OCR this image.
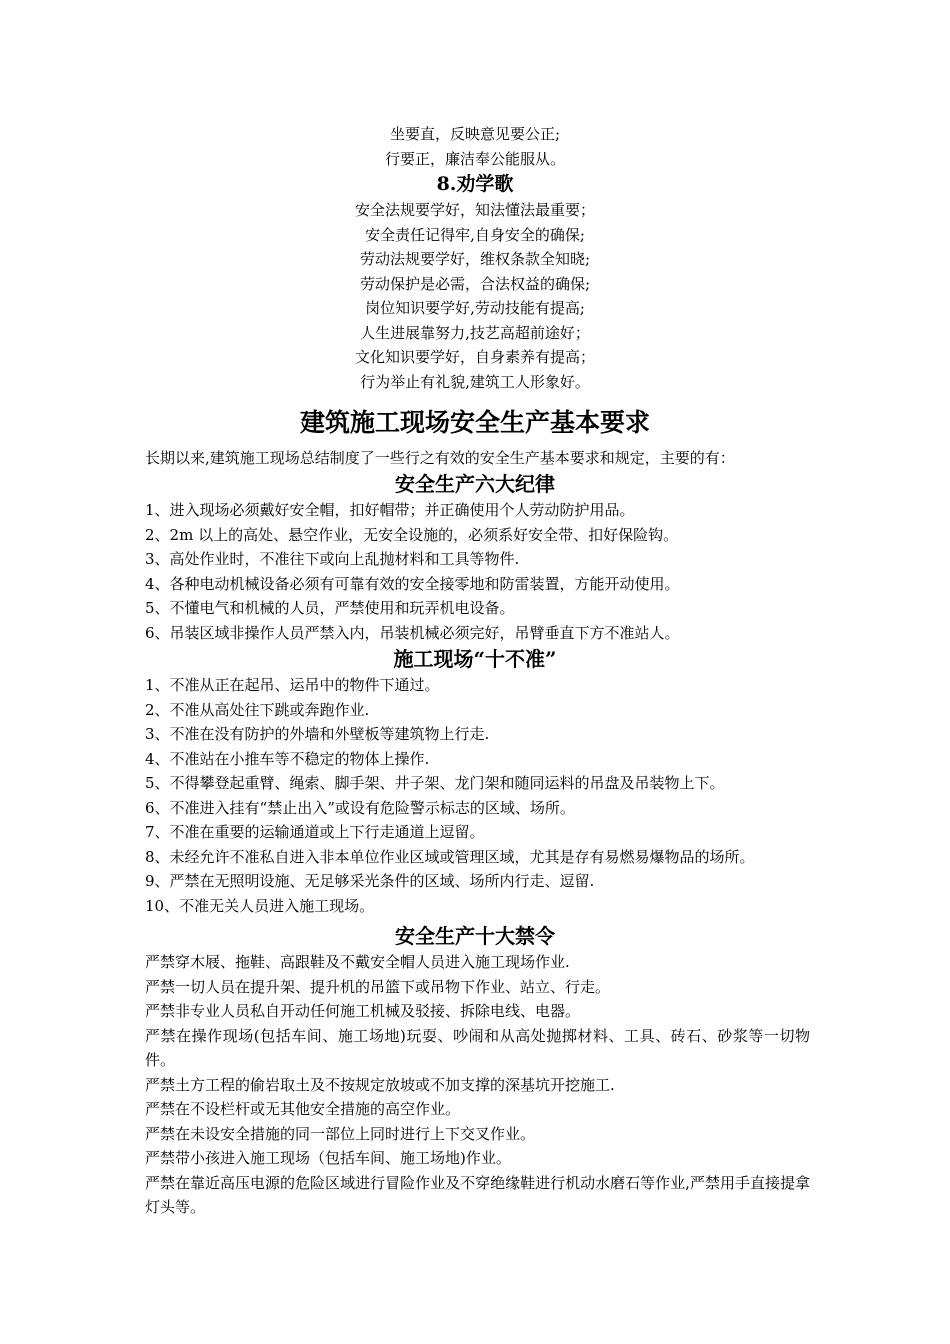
坐要直，反映意见要公正;
行要正，廉洁奉公能服从。
8.劝学歌
安全法规要学好，知法懂法最重要；
安全责任记得牢,自身安全的确保;
劳动法规要学好，维权条款全知晓;
劳动保护是必需，合法权益的确保;
岗位知识要学好,劳动技能有提高;
人生进展靠努力,技艺高超前途好；
文化知识要学好，自身素养有提高；
行为举止有礼貌,建筑工人形象好。
建筑施工现场安全生产基本要求
长期以来,建筑施工现场总结制度了一些行之有效的安全生产基本要求和规定，主要的有：
安全生产六大纪律
1、进入现场必须戴好安全帽，扣好帽带；并正确使用个人劳动防护用品。
2、2m 以上的高处、悬空作业，无安全设施的，必须系好安全带、扣好保险钩。
3、高处作业时，不准往下或向上乱抛材料和工具等物件.
4、各种电动机械设备必须有可靠有效的安全接零地和防雷装置，方能开动使用。
5、不懂电气和机械的人员，严禁使用和玩弄机电设备。
6、吊装区域非操作人员严禁入内，吊装机械必须完好，吊臂垂直下方不准站人。
施工现场“十不准”
1、不准从正在起吊、运吊中的物件下通过。
2、不准从高处往下跳或奔跑作业.
3、不准在没有防护的外墙和外壁板等建筑物上行走.
4、不准站在小推车等不稳定的物体上操作.
5、不得攀登起重臂、绳索、脚手架、井子架、龙门架和随同运料的吊盘及吊装物上下。
6、不准进入挂有“禁止出入”或设有危险警示标志的区域、场所。
7、不准在重要的运输通道或上下行走通道上逗留。
8、未经允许不准私自进入非本单位作业区域或管理区域，尤其是存有易燃易爆物品的场所。
9、严禁在无照明设施、无足够采光条件的区域、场所内行走、逗留.
10、不准无关人员进入施工现场。
安全生产十大禁令
严禁穿木屐、拖鞋、高跟鞋及不戴安全帽人员进入施工现场作业.
严禁一切人员在提升架、提升机的吊篮下或吊物下作业、站立、行走。
严禁非专业人员私自开动任何施工机械及驳接、拆除电线、电器。
严禁在操作现场(包括车间、施工场地)玩耍、吵闹和从高处抛掷材料、工具、砖石、砂浆等一切物件。
严禁土方工程的偷岩取土及不按规定放坡或不加支撑的深基坑开挖施工.
严禁在不设栏杆或无其他安全措施的高空作业。
严禁在未设安全措施的同一部位上同时进行上下交叉作业。
严禁带小孩进入施工现场（包括车间、施工场地)作业。
严禁在靠近高压电源的危险区域进行冒险作业及不穿绝缘鞋进行机动水磨石等作业,严禁用手直接提拿灯头等。
